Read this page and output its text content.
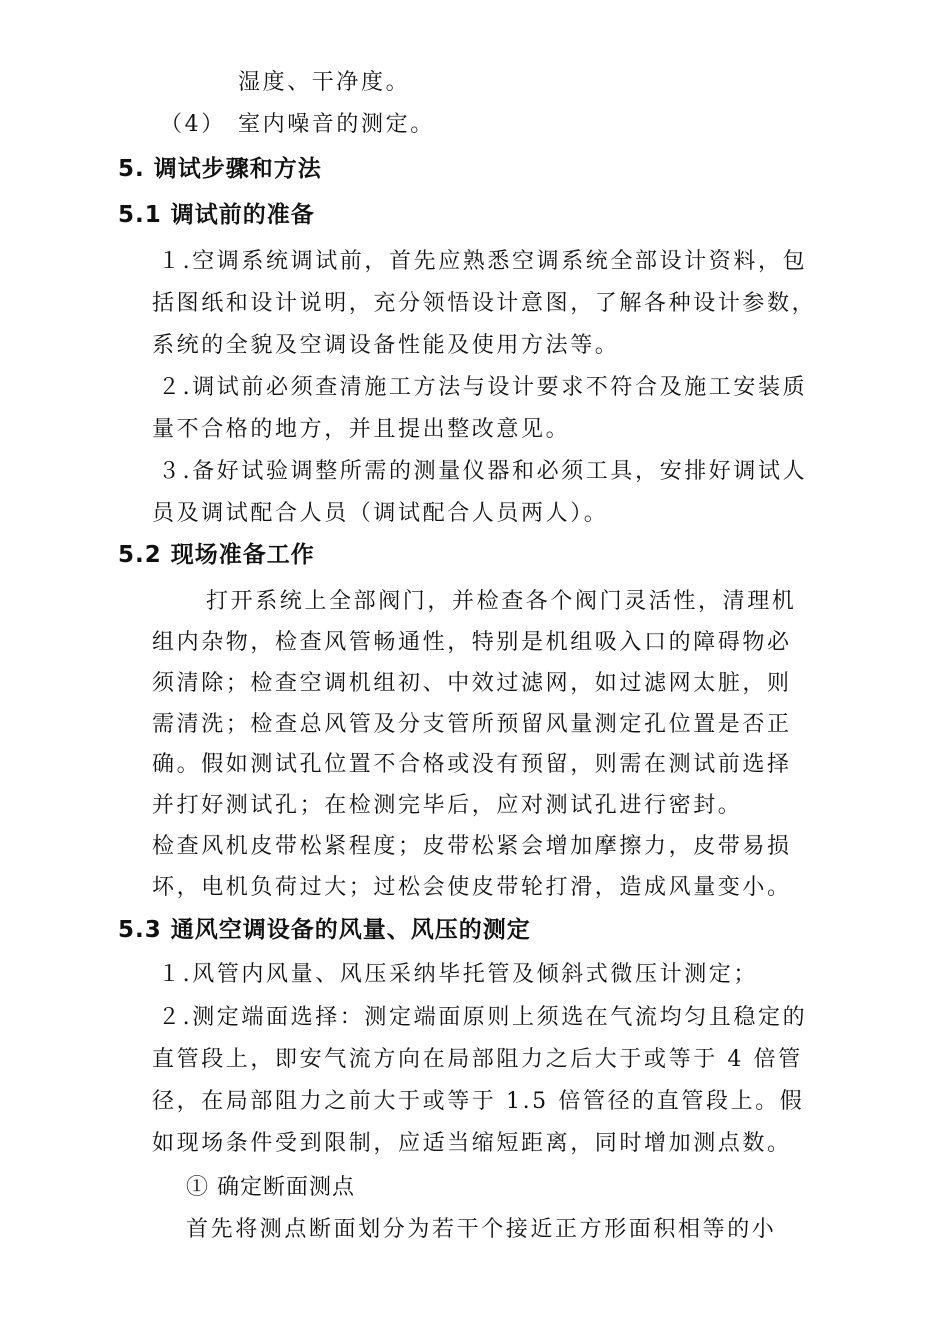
湿度、干净度。
（4） 室内噪音的测定。
5. 调试步骤和方法
5.1 调试前的准备
１.空调系统调试前，首先应熟悉空调系统全部设计资料，包
括图纸和设计说明，充分领悟设计意图，了解各种设计参数，
系统的全貌及空调设备性能及使用方法等。
２.调试前必须查清施工方法与设计要求不符合及施工安装质
量不合格的地方，并且提出整改意见。
３.备好试验调整所需的测量仪器和必须工具，安排好调试人
员及调试配合人员（调试配合人员两人）。
5.2 现场准备工作
打开系统上全部阀门，并检查各个阀门灵活性，清理机
组内杂物，检查风管畅通性，特别是机组吸入口的障碍物必
须清除；检查空调机组初、中效过滤网，如过滤网太脏，则
需清洗；检查总风管及分支管所预留风量测定孔位置是否正
确。假如测试孔位置不合格或没有预留，则需在测试前选择
并打好测试孔；在检测完毕后，应对测试孔进行密封。
检查风机皮带松紧程度；皮带松紧会增加摩擦力，皮带易损
坏，电机负荷过大；过松会使皮带轮打滑，造成风量变小。
5.3 通风空调设备的风量、风压的测定
１.风管内风量、风压采纳毕托管及倾斜式微压计测定；
２.测定端面选择：测定端面原则上须选在气流均匀且稳定的
直管段上，即安气流方向在局部阻力之后大于或等于 4 倍管
径，在局部阻力之前大于或等于 1.5 倍管径的直管段上。假
如现场条件受到限制，应适当缩短距离，同时增加测点数。
① 确定断面测点
首先将测点断面划分为若干个接近正方形面积相等的小
